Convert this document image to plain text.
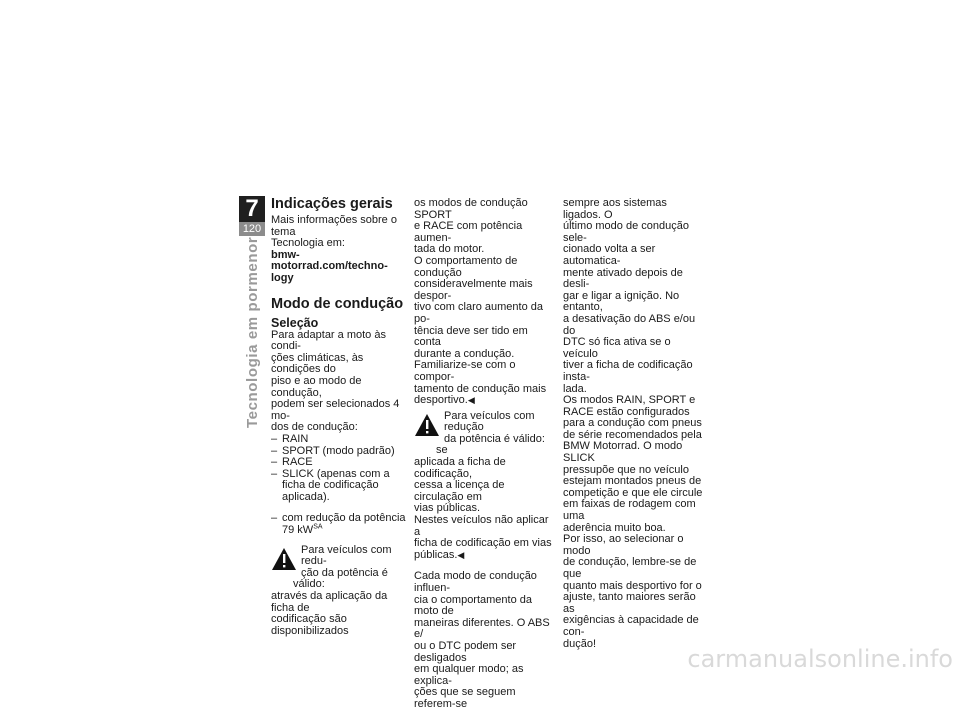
7
120
Tecnologia em pormenor
Indicações gerais
Mais informações sobre o tema
Tecnologia em:
bmw-motorrad.com/techno-
logy
Modo de condução
Seleção
Para adaptar a moto às condi-
ções climáticas, às condições do
piso e ao modo de condução,
podem ser selecionados 4 mo-
dos de condução:
– RAIN
– SPORT (modo padrão)
– RACE
– SLICK (apenas com a ficha de codificação aplicada).
– com redução da potência
79 $kW^{SA}$
Para veículos com redu-
ção da potência é válido:
através da aplicação da ficha de
codificação são disponibilizados
os modos de condução SPORT
e RACE com potência aumen-
tada do motor.
O comportamento de condução
consideravelmente mais despor-
tivo com claro aumento da po-
tência deve ser tido em conta
durante a condução.
Familiarize-se com o compor-
tamento de condução mais
desportivo.◀
Para veículos com redução
da potência é válido: se
aplicada a ficha de codificação,
cessa a licença de circulação em
vias públicas.
Nestes veículos não aplicar a
ficha de codificação em vias
públicas.◀
Cada modo de condução influen-
cia o comportamento da moto de
maneiras diferentes. O ABS e/
ou o DTC podem ser desligados
em qualquer modo; as explica-
ções que se seguem referem-se
sempre aos sistemas ligados. O
último modo de condução sele-
cionado volta a ser automatica-
mente ativado depois de desli-
gar e ligar a ignição. No entanto,
a desativação do ABS e/ou do
DTC só fica ativa se o veículo
tiver a ficha de codificação insta-
lada.
Os modos RAIN, SPORT e
RACE estão configurados
para a condução com pneus
de série recomendados pela
BMW Motorrad. O modo SLICK
pressupõe que no veículo
estejam montados pneus de
competição e que ele circule
em faixas de rodagem com uma
aderência muito boa.
Por isso, ao selecionar o modo
de condução, lembre-se de que
quanto mais desportivo for o
ajuste, tanto maiores serão as
exigências à capacidade de con-
dução!
carmanualsonline.info
